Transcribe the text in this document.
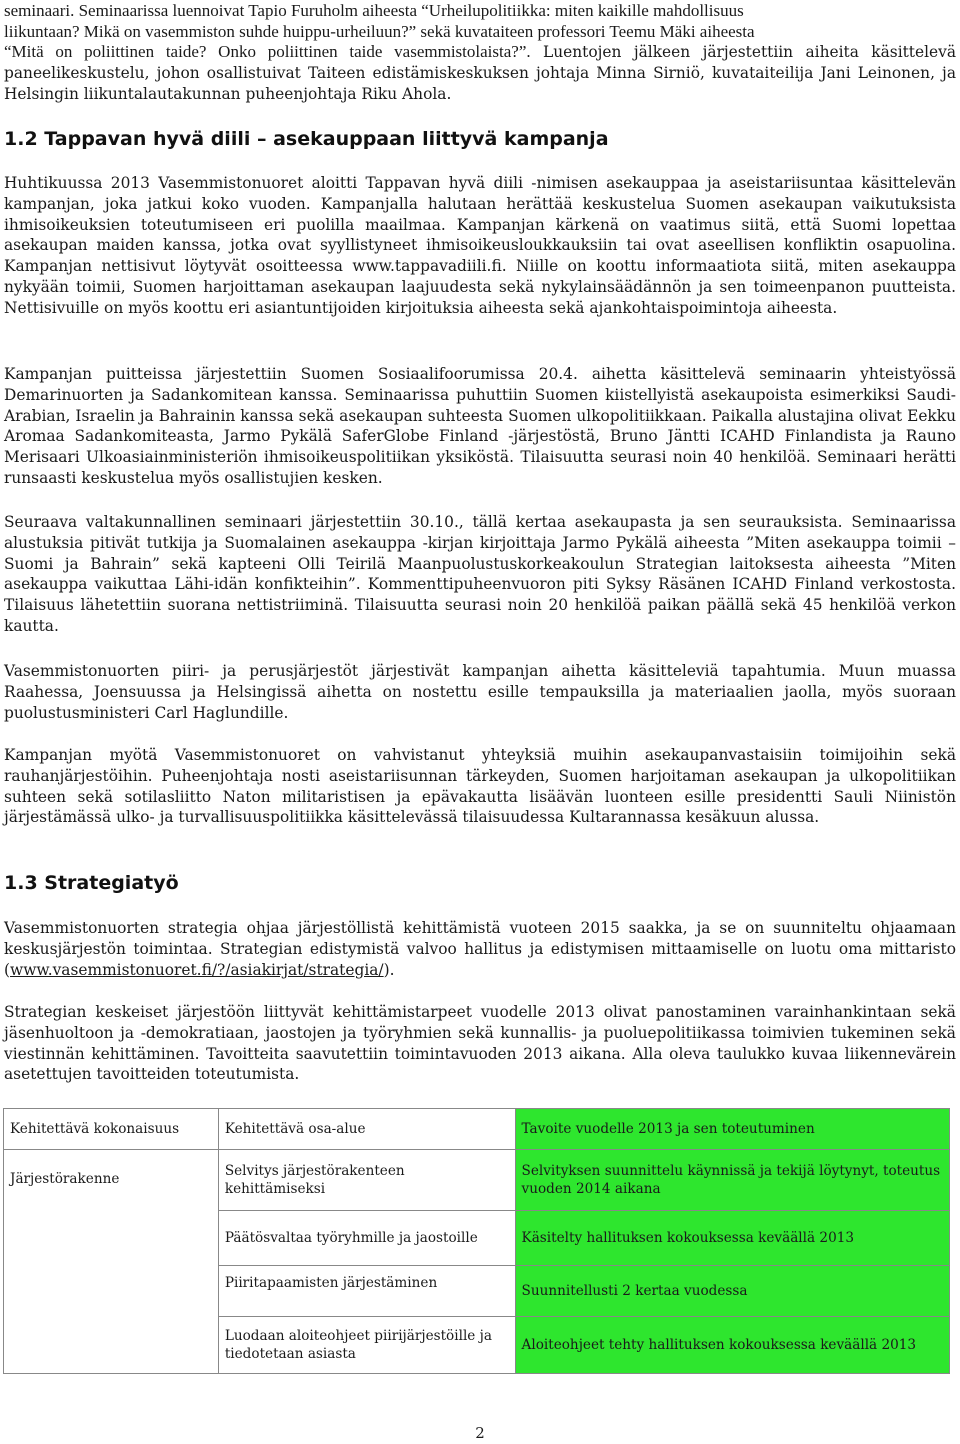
seminaari. Seminaarissa luennoivat Tapio Furuholm aiheesta “Urheilupolitiikka: miten kaikille mahdollisuus

liikuntaan? Mikä on vasemmiston suhde huippu-urheiluun?” sekä kuvataiteen professori Teemu Mäki aiheesta

“Mitä on poliittinen taide? Onko poliittinen taide vasemmistolaista?”. Luentojen jälkeen järjestettiin aiheita käsittelevä paneelikeskustelu, johon osallistuivat Taiteen edistämiskeskuksen johtaja Minna Sirniö, kuvataiteilija Jani Leinonen, ja Helsingin liikuntalautakunnan puheenjohtaja Riku Ahola.

1.2 Tappavan hyvä diili – asekauppaan liittyvä kampanja

Huhtikuussa 2013 Vasemmistonuoret aloitti Tappavan hyvä diili -nimisen asekauppaa ja aseistariisuntaa käsittelevän kampanjan, joka jatkui koko vuoden. Kampanjalla halutaan herättää keskustelua Suomen asekaupan vaikutuksista ihmisoikeuksien toteutumiseen eri puolilla maailmaa. Kampanjan kärkenä on vaatimus siitä, että Suomi lopettaa asekaupan maiden kanssa, jotka ovat syyllistyneet ihmisoikeusloukkauksiin tai ovat aseellisen konfliktin osapuolina. Kampanjan nettisivut löytyvät osoitteessa www.tappavadiili.fi. Niille on koottu informaatiota siitä, miten asekauppa nykyään toimii, Suomen harjoittaman asekaupan laajuudesta sekä nykylainsäädännön ja sen toimeenpanon puutteista. Nettisivuille on myös koottu eri asiantuntijoiden kirjoituksia aiheesta sekä ajankohtaispoimintoja aiheesta.

Kampanjan puitteissa järjestettiin Suomen Sosiaalifoorumissa 20.4. aihetta käsittelevä seminaarin yhteistyössä Demarinuorten ja Sadankomitean kanssa. Seminaarissa puhuttiin Suomen kiistellyistä asekaupoista esimerkiksi Saudi-Arabian, Israelin ja Bahrainin kanssa sekä asekaupan suhteesta Suomen ulkopolitiikkaan. Paikalla alustajina olivat Eekku Aromaa Sadankomiteasta, Jarmo Pykälä SaferGlobe Finland -järjestöstä, Bruno Jäntti ICAHD Finlandista ja Rauno Merisaari Ulkoasiainministeriön ihmisoikeuspolitiikan yksiköstä. Tilaisuutta seurasi noin 40 henkilöä. Seminaari herätti runsaasti keskustelua myös osallistujien kesken.

Seuraava valtakunnallinen seminaari järjestettiin 30.10., tällä kertaa asekaupasta ja sen seurauksista. Seminaarissa alustuksia pitivät tutkija ja Suomalainen asekauppa -kirjan kirjoittaja Jarmo Pykälä aiheesta ”Miten asekauppa toimii – Suomi ja Bahrain” sekä kapteeni Olli Teirilä Maanpuolustuskorkeakoulun Strategian laitoksesta aiheesta ”Miten asekauppa vaikuttaa Lähi-idän konfikteihin”. Kommenttipuheenvuoron piti Syksy Räsänen ICAHD Finland verkostosta. Tilaisuus lähetettiin suorana nettistriiminä. Tilaisuutta seurasi noin 20 henkilöä paikan päällä sekä 45 henkilöä verkon kautta.

Vasemmistonuorten piiri- ja perusjärjestöt järjestivät kampanjan aihetta käsitteleviä tapahtumia. Muun muassa Raahessa, Joensuussa ja Helsingissä aihetta on nostettu esille tempauksilla ja materiaalien jaolla, myös suoraan puolustusministeri Carl Haglundille.

Kampanjan myötä Vasemmistonuoret on vahvistanut yhteyksiä muihin asekaupanvastaisiin toimijoihin sekä rauhanjärjestöihin. Puheenjohtaja nosti aseistariisunnan tärkeyden, Suomen harjoitaman asekaupan ja ulkopolitiikan suhteen sekä sotilasliitto Naton militaristisen ja epävakautta lisäävän luonteen esille presidentti Sauli Niinistön järjestämässä ulko- ja turvallisuuspolitiikka käsittelevässä tilaisuudessa Kultarannassa kesäkuun alussa.

1.3 Strategiatyö

Vasemmistonuorten strategia ohjaa järjestöllistä kehittämistä vuoteen 2015 saakka, ja se on suunniteltu ohjaamaan keskusjärjestön toimintaa. Strategian edistymistä valvoo hallitus ja edistymisen mittaamiselle on luotu oma mittaristo (www.vasemmistonuoret.fi/?/asiakirjat/strategia/).

Strategian keskeiset järjestöön liittyvät kehittämistarpeet vuodelle 2013 olivat panostaminen varainhankintaan sekä jäsenhuoltoon ja -demokratiaan, jaostojen ja työryhmien sekä kunnallis- ja puoluepolitiikassa toimivien tukeminen sekä viestinnän kehittäminen. Tavoitteita saavutettiin toimintavuoden 2013 aikana. Alla oleva taulukko kuvaa liikennevärein asetettujen tavoitteiden toteutumista.

Kehitettävä kokonaisuus	Kehitettävä osa-alue	Tavoite vuodelle 2013 ja sen toteutuminen
Järjestörakenne	Selvitys järjestörakenteen kehittämiseksi	Selvityksen suunnittelu käynnissä ja tekijä löytynyt, toteutus vuoden 2014 aikana
	Päätösvaltaa työryhmille ja jaostoille	Käsitelty hallituksen kokouksessa keväällä 2013
	Piiritapaamisten järjestäminen	Suunnitellusti 2 kertaa vuodessa
	Luodaan aloiteohjeet piirijärjestöille ja tiedotetaan asiasta	Aloiteohjeet tehty hallituksen kokouksessa keväällä 2013
2
